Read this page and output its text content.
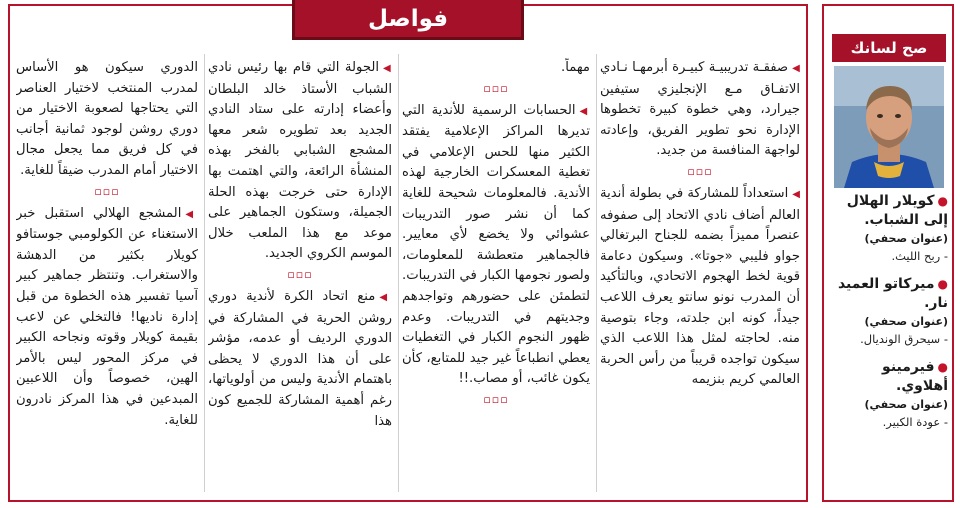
فواصل

◀صفقـة تدريبيـة كبيـرة أبرمهـا نـادي الاتفـاق مـع الإنجليزي ستيفين جيرارد، وهي خطوة كبيرة تخطوها الإدارة نحو تطوير الفريق، وإعادته لواجهة المنافسة من جديد.

▫▫▫

◀استعداداً للمشاركة في بطولة أندية العالم أضاف نادي الاتحاد إلى صفوفه عنصراً مميزاً بضمه للجناح البرتغالي جواو فليبي «جوتا». وسيكون دعامة قوية لخط الهجوم الاتحادي، وبالتأكيد أن المدرب نونو سانتو يعرف اللاعب جيداً، كونه ابن جلدته، وجاء بتوصية منه. لحاجته لمثل هذا اللاعب الذي سيكون تواجده قريباً من رأس الحربة العالمي كريم بنزيمه

مهماً.

▫▫▫

◀الحسابات الرسمية للأندية التي تديرها المراكز الإعلامية يفتقد الكثير منها للحس الإعلامي في تغطية المعسكرات الخارجية لهذه الأندية. فالمعلومات شحيحة للغاية كما أن نشر صور التدريبات عشوائي ولا يخضع لأي معايير. فالجماهير متعطشة للمعلومات، ولصور نجومها الكبار في التدريبات. لتطمئن على حضورهم وتواجدهم وجديتهم في التدريبات. وعدم ظهور النجوم الكبار في التغطيات يعطي انطباعاً غير جيد للمتابع، كأن يكون غائب، أو مصاب.!!

▫▫▫

◀الجولة التي قام بها رئيس نادي الشباب الأستاذ خالد البلطان وأعضاء إدارته على ستاد النادي الجديد بعد تطويره شعر معها المشجع الشبابي بالفخر بهذه المنشأة الرائعة، والتي اهتمت بها الإدارة حتى خرجت بهذه الحلة الجميلة، وستكون الجماهير على موعد مع هذا الملعب خلال الموسم الكروي الجديد.

▫▫▫

◀منع اتحاد الكرة لأندية دوري روشن الحرية في المشاركة في الدوري الرديف أو عدمه، مؤشر على أن هذا الدوري لا يحظى باهتمام الأندية وليس من أولوياتها، رغم أهمية المشاركة للجميع كون هذا

الدوري سيكون هو الأساس لمدرب المنتخب لاختيار العناصر التي يحتاجها لصعوبة الاختيار من دوري روشن لوجود ثمانية أجانب في كل فريق مما يجعل مجال الاختيار أمام المدرب ضيقاً للغاية.

▫▫▫

◀المشجع الهلالي استقبل خبر الاستغناء عن الكولومبي جوستافو كويلار بكثير من الدهشة والاستغراب. وتنتظر جماهير كبير آسيا تفسير هذه الخطوة من قبل إدارة ناديها! فالتخلي عن لاعب بقيمة كويلار وقوته ونجاحه الكبير في مركز المحور ليس بالأمر الهين، خصوصاً وأن اللاعبين المبدعين في هذا المركز نادرون للغاية.

صح لسانك
●كويلار الهلال إلى الشباب.
(عنوان صحفي)
- ربح الليث.
●ميركاتو العميد نار.
(عنوان صحفي)
- سيحرق الونديال.
●فيرمينو أهلاوي.
(عنوان صحفي)
- عودة الكبير.
